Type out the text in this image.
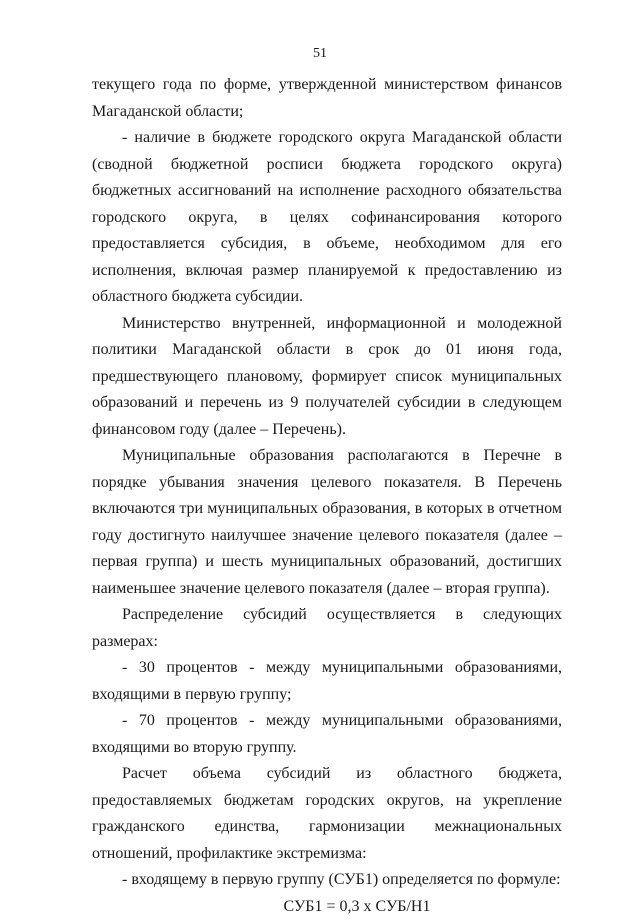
51

текущего года по форме, утвержденной министерством финансов Магаданской области;

- наличие в бюджете городского округа Магаданской области (сводной бюджетной росписи бюджета городского округа) бюджетных ассигнований на исполнение расходного обязательства городского округа, в целях софинансирования которого предоставляется субсидия, в объеме, необходимом для его исполнения, включая размер планируемой к предоставлению из областного бюджета субсидии.

Министерство внутренней, информационной и молодежной политики Магаданской области в срок до 01 июня года, предшествующего плановому, формирует список муниципальных образований и перечень из 9 получателей субсидии в следующем финансовом году (далее – Перечень).

Муниципальные образования располагаются в Перечне в порядке убывания значения целевого показателя. В Перечень включаются три муниципальных образования, в которых в отчетном году достигнуто наилучшее значение целевого показателя (далее – первая группа) и шесть муниципальных образований, достигших наименьшее значение целевого показателя (далее – вторая группа).

Распределение субсидий осуществляется в следующих размерах:

- 30 процентов - между муниципальными образованиями, входящими в первую группу;

- 70 процентов - между муниципальными образованиями, входящими во вторую группу.

Расчет объема субсидий из областного бюджета, предоставляемых бюджетам городских округов, на укрепление гражданского единства, гармонизации межнациональных отношений, профилактике экстремизма:

- входящему в первую группу (СУБ1) определяется по формуле:

СУБ1 = 0,3 х СУБ/Н1
